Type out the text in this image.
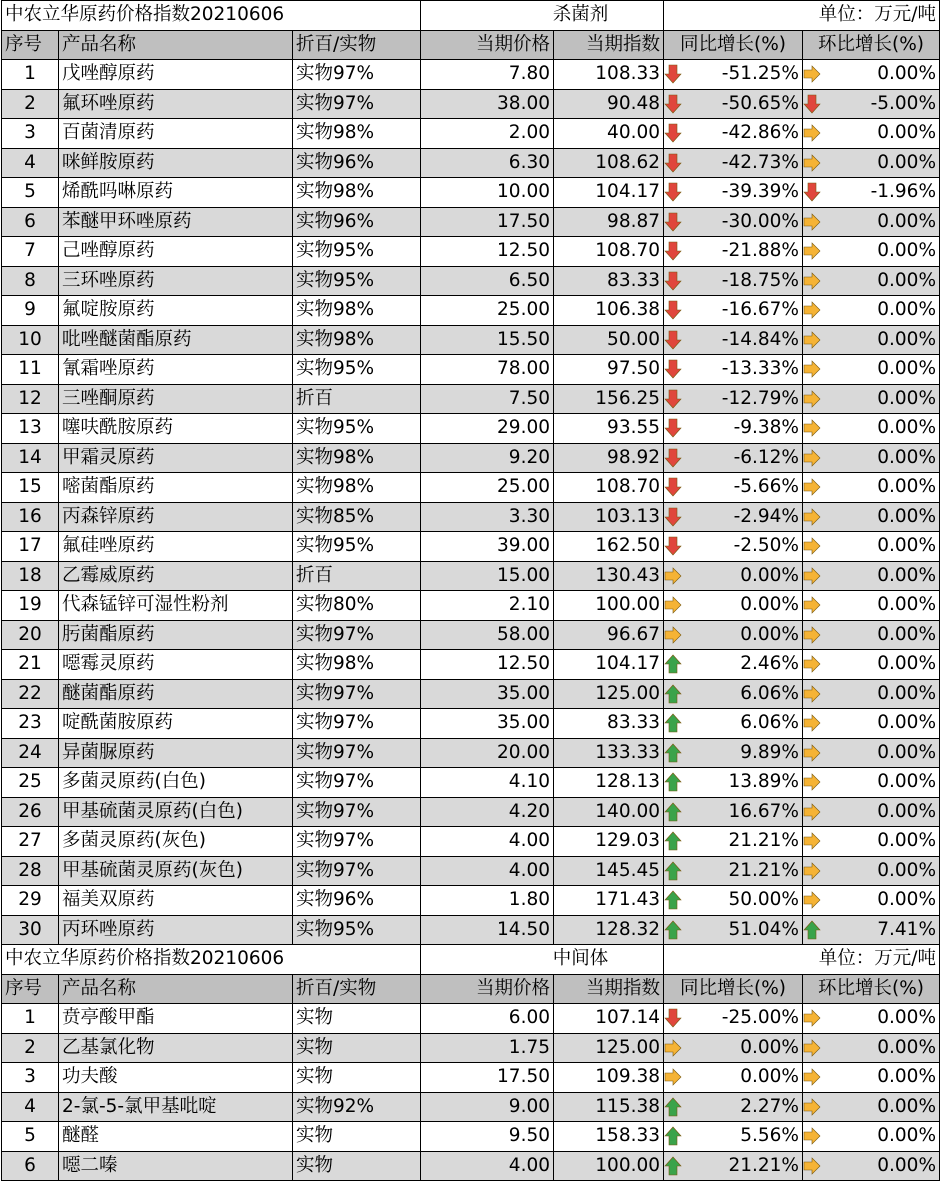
中农立华原药价格指数20210606			杀菌剂		单位：万元/吨	
序号	产品名称	折百/实物	当期价格	当期指数	同比增长(%)	环比增长(%)
1	戊唑醇原药	实物97%	7.80	108.33	-51.25%	0.00%

2	氟环唑原药	实物97%	38.00	90.48	-50.65%	-5.00%

3	百菌清原药	实物98%	2.00	40.00	-42.86%	0.00%

4	咪鲜胺原药	实物96%	6.30	108.62	-42.73%	0.00%

5	烯酰吗啉原药	实物98%	10.00	104.17	-39.39%	-1.96%

6	苯醚甲环唑原药	实物96%	17.50	98.87	-30.00%	0.00%

7	己唑醇原药	实物95%	12.50	108.70	-21.88%	0.00%

8	三环唑原药	实物95%	6.50	83.33	-18.75%	0.00%

9	氟啶胺原药	实物98%	25.00	106.38	-16.67%	0.00%

10	吡唑醚菌酯原药	实物98%	15.50	50.00	-14.84%	0.00%

11	氰霜唑原药	实物95%	78.00	97.50	-13.33%	0.00%

12	三唑酮原药	折百	7.50	156.25	-12.79%	0.00%

13	噻呋酰胺原药	实物95%	29.00	93.55	-9.38%	0.00%

14	甲霜灵原药	实物98%	9.20	98.92	-6.12%	0.00%

15	嘧菌酯原药	实物98%	25.00	108.70	-5.66%	0.00%

16	丙森锌原药	实物85%	3.30	103.13	-2.94%	0.00%

17	氟硅唑原药	实物95%	39.00	162.50	-2.50%	0.00%

18	乙霉威原药	折百	15.00	130.43	0.00%	0.00%

19	代森锰锌可湿性粉剂	实物80%	2.10	100.00	0.00%	0.00%

20	肟菌酯原药	实物97%	58.00	96.67	0.00%	0.00%

21	噁霉灵原药	实物98%	12.50	104.17	2.46%	0.00%

22	醚菌酯原药	实物97%	35.00	125.00	6.06%	0.00%

23	啶酰菌胺原药	实物97%	35.00	83.33	6.06%	0.00%

24	异菌脲原药	实物97%	20.00	133.33	9.89%	0.00%

25	多菌灵原药(白色)	实物97%	4.10	128.13	13.89%	0.00%

26	甲基硫菌灵原药(白色)	实物97%	4.20	140.00	16.67%	0.00%

27	多菌灵原药(灰色)	实物97%	4.00	129.03	21.21%	0.00%

28	甲基硫菌灵原药(灰色)	实物97%	4.00	145.45	21.21%	0.00%

29	福美双原药	实物96%	1.80	171.43	50.00%	0.00%

30	丙环唑原药	实物95%	14.50	128.32	51.04%	7.41%

中农立华原药价格指数20210606			中间体		单位：万元/吨	
序号	产品名称	折百/实物	当期价格	当期指数	同比增长(%)	环比增长(%)
1	贲亭酸甲酯	实物	6.00	107.14	-25.00%	0.00%

2	乙基氯化物	实物	1.75	125.00	0.00%	0.00%

3	功夫酸	实物	17.50	109.38	0.00%	0.00%

4	2-氯-5-氯甲基吡啶	实物92%	9.00	115.38	2.27%	0.00%

5	醚醛	实物	9.50	158.33	5.56%	0.00%

6	噁二嗪	实物	4.00	100.00	21.21%	0.00%
